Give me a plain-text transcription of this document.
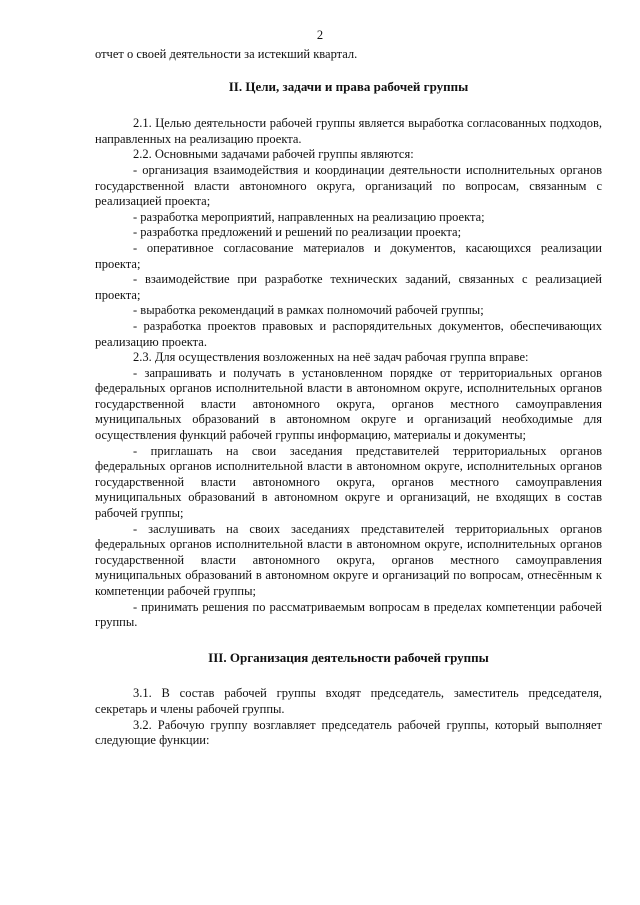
2

отчет о своей деятельности за истекший квартал.

II. Цели, задачи и права рабочей группы

2.1. Целью деятельности рабочей группы является выработка согласованных подходов, направленных на реализацию проекта.

2.2. Основными задачами рабочей группы являются:

- организация взаимодействия и координации деятельности исполнительных органов государственной власти автономного округа, организаций по вопросам, связанным с реализацией проекта;

- разработка мероприятий, направленных на реализацию проекта;

- разработка предложений и решений по реализации проекта;

- оперативное согласование материалов и документов, касающихся реализации проекта;

- взаимодействие при разработке технических заданий, связанных с реализацией проекта;

- выработка рекомендаций в рамках полномочий рабочей группы;

- разработка проектов правовых и распорядительных документов, обеспечивающих реализацию проекта.

2.3. Для осуществления возложенных на неё задач рабочая группа вправе:

- запрашивать и получать в установленном порядке от территориальных органов федеральных органов исполнительной власти в автономном округе, исполнительных органов государственной власти автономного округа, органов местного самоуправления муниципальных образований в автономном округе и организаций необходимые для осуществления функций рабочей группы информацию, материалы и документы;

- приглашать на свои заседания представителей территориальных органов федеральных органов исполнительной власти в автономном округе, исполнительных органов государственной власти автономного округа, органов местного самоуправления муниципальных образований в автономном округе и организаций, не входящих в состав рабочей группы;

- заслушивать на своих заседаниях представителей территориальных органов федеральных органов исполнительной власти в автономном округе, исполнительных органов государственной власти автономного округа, органов местного самоуправления муниципальных образований в автономном округе и организаций по вопросам, отнесённым к компетенции рабочей группы;

- принимать решения по рассматриваемым вопросам в пределах компетенции рабочей группы.

III. Организация деятельности рабочей группы

3.1. В состав рабочей группы входят председатель, заместитель председателя, секретарь и члены рабочей группы.

3.2. Рабочую группу возглавляет председатель рабочей группы, который выполняет следующие функции:
